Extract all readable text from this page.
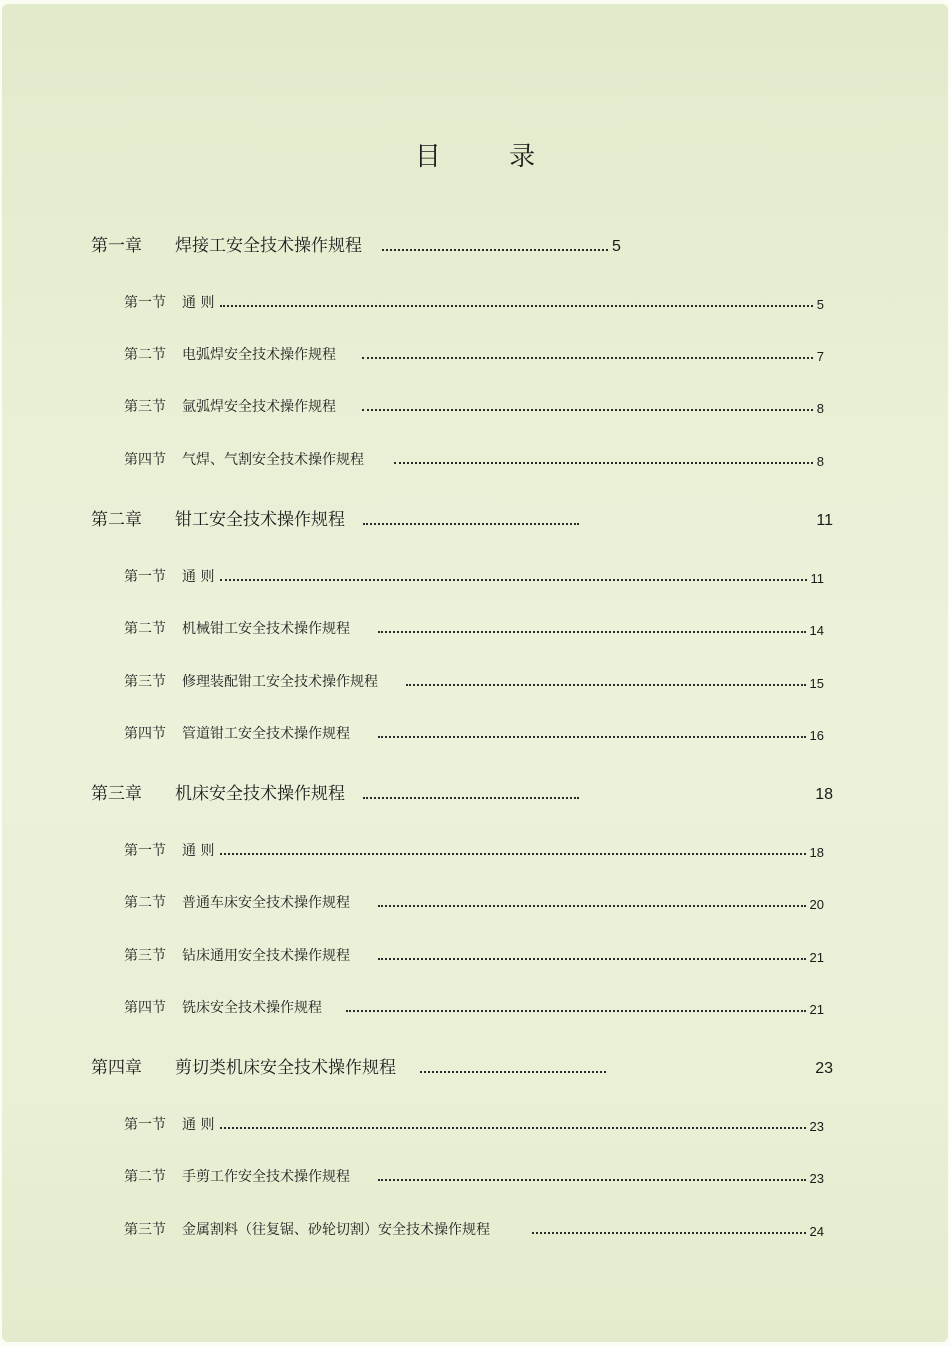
目 录
第一章	焊接工安全技术操作规程	5
第一节	通 则	5
第二节	电弧焊安全技术操作规程	7
第三节	氩弧焊安全技术操作规程	8
第四节	气焊、气割安全技术操作规程	8
第二章	钳工安全技术操作规程	11
第一节	通 则	11
第二节	机械钳工安全技术操作规程	14
第三节	修理装配钳工安全技术操作规程	15
第四节	管道钳工安全技术操作规程	16
第三章	机床安全技术操作规程	18
第一节	通 则	18
第二节	普通车床安全技术操作规程	20
第三节	钻床通用安全技术操作规程	21
第四节	铣床安全技术操作规程	21
第四章	剪切类机床安全技术操作规程	23
第一节	通 则	23
第二节	手剪工作安全技术操作规程	23
第三节	金属割料（往复锯、砂轮切割）安全技术操作规程	24
